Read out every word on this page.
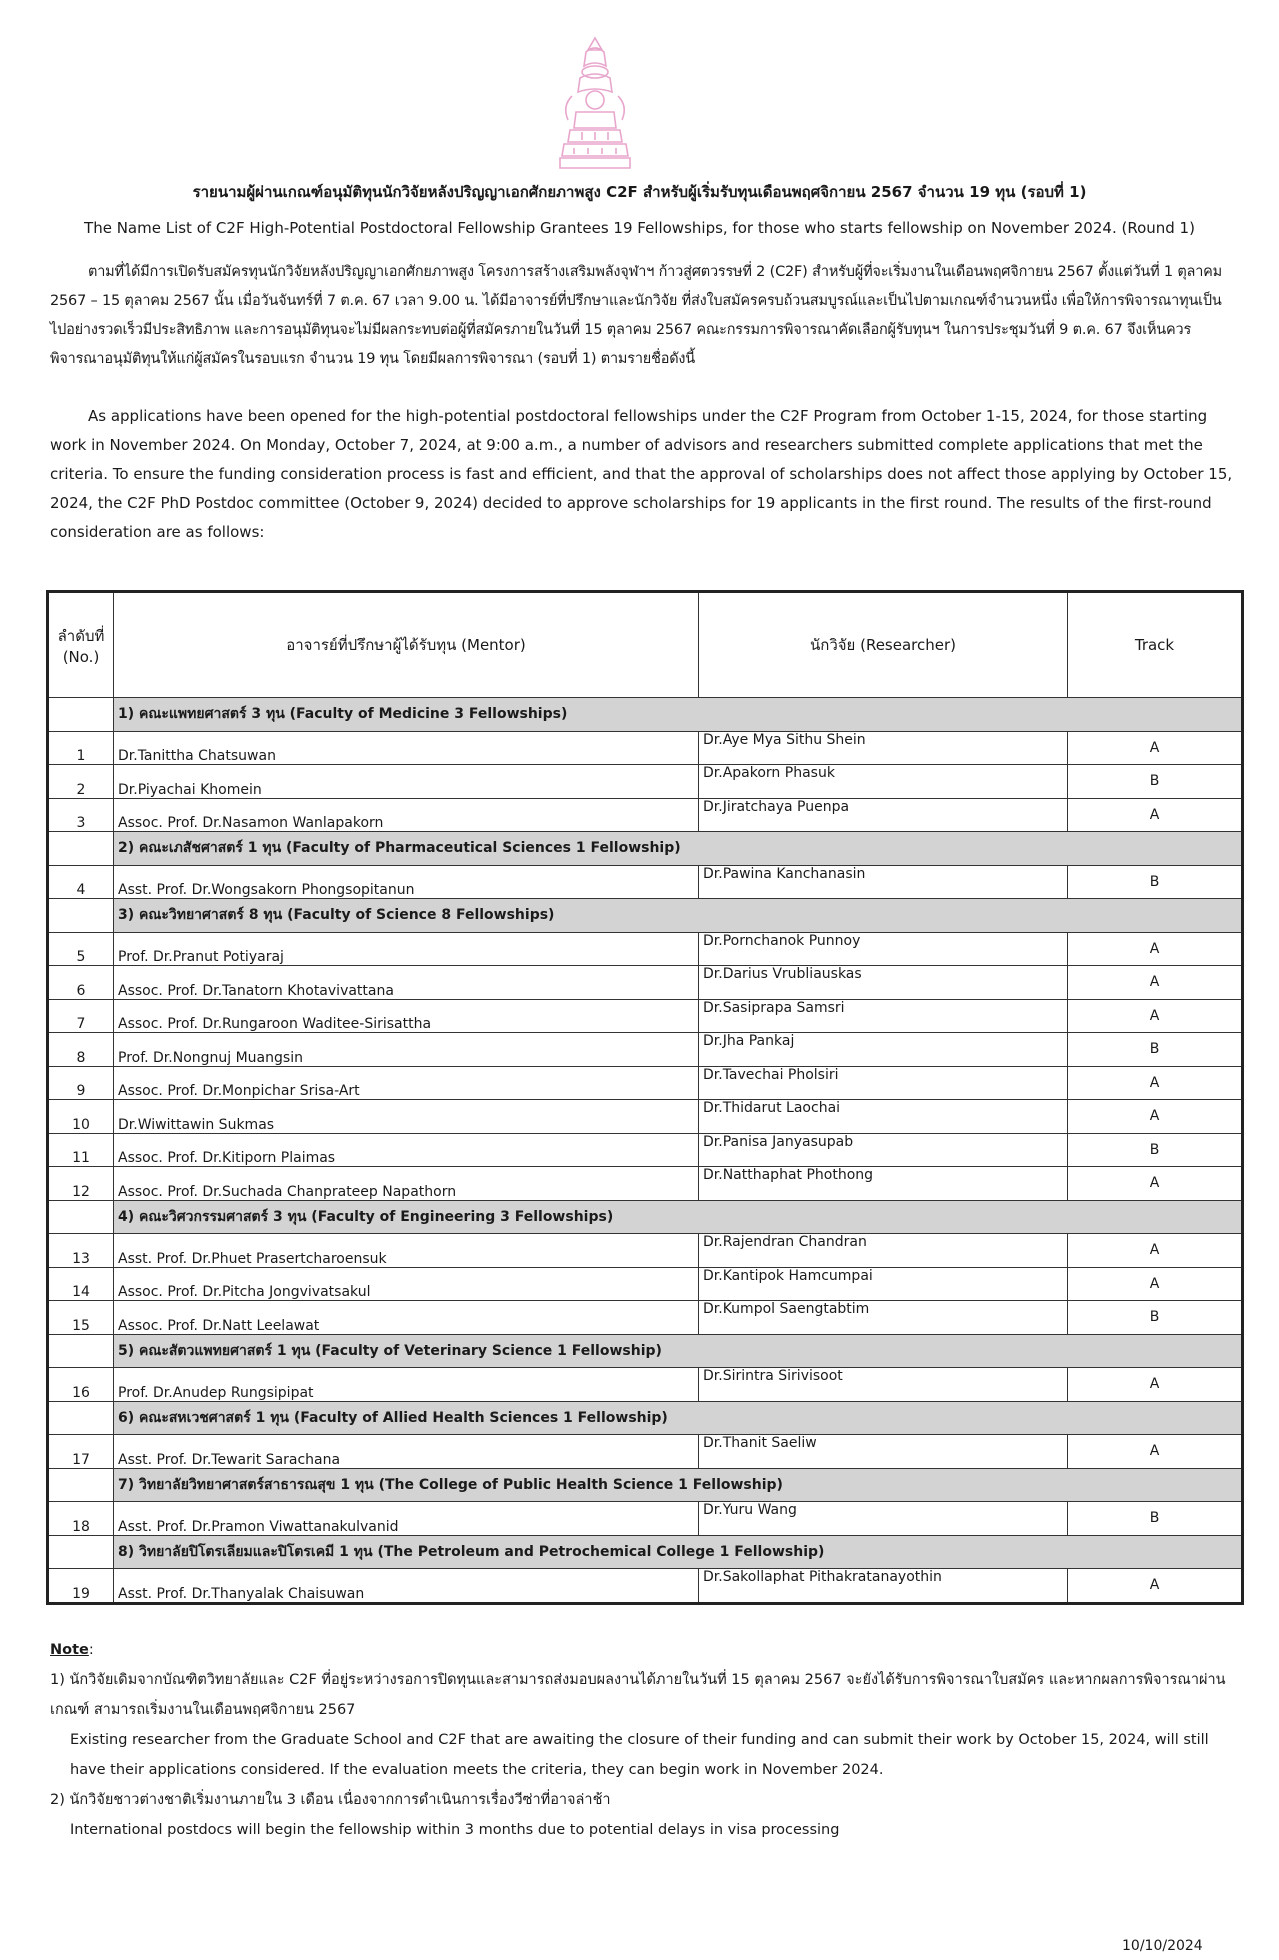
รายนามผู้ผ่านเกณฑ์อนุมัติทุนนักวิจัยหลังปริญญาเอกศักยภาพสูง C2F สำหรับผู้เริ่มรับทุนเดือนพฤศจิกายน 2567 จำนวน 19 ทุน (รอบที่ 1)
The Name List of C2F High-Potential Postdoctoral Fellowship Grantees 19 Fellowships, for those who starts fellowship on November 2024. (Round 1)
ตามที่ได้มีการเปิดรับสมัครทุนนักวิจัยหลังปริญญาเอกศักยภาพสูง โครงการสร้างเสริมพลังจุฬาฯ ก้าวสู่ศตวรรษที่ 2 (C2F) สำหรับผู้ที่จะเริ่มงานในเดือนพฤศจิกายน 2567 ตั้งแต่วันที่ 1 ตุลาคม 2567 – 15 ตุลาคม 2567 นั้น เมื่อวันจันทร์ที่ 7 ต.ค. 67 เวลา 9.00 น. ได้มีอาจารย์ที่ปรึกษาและนักวิจัย ที่ส่งใบสมัครครบถ้วนสมบูรณ์และเป็นไปตามเกณฑ์จำนวนหนึ่ง เพื่อให้การพิจารณาทุนเป็นไปอย่างรวดเร็วมีประสิทธิภาพ และการอนุมัติทุนจะไม่มีผลกระทบต่อผู้ที่สมัครภายในวันที่ 15 ตุลาคม 2567 คณะกรรมการพิจารณาคัดเลือกผู้รับทุนฯ ในการประชุมวันที่ 9 ต.ค. 67 จึงเห็นควรพิจารณาอนุมัติทุนให้แก่ผู้สมัครในรอบแรก จำนวน 19 ทุน โดยมีผลการพิจารณา (รอบที่ 1) ตามรายชื่อดังนี้
As applications have been opened for the high-potential postdoctoral fellowships under the C2F Program from October 1-15, 2024, for those starting work in November 2024. On Monday, October 7, 2024, at 9:00 a.m., a number of advisors and researchers submitted complete applications that met the criteria. To ensure the funding consideration process is fast and efficient, and that the approval of scholarships does not affect those applying by October 15, 2024, the C2F PhD Postdoc committee (October 9, 2024) decided to approve scholarships for 19 applicants in the first round. The results of the first-round consideration are as follows:
ลำดับที่
(No.)	อาจารย์ที่ปรึกษาผู้ได้รับทุน (Mentor)	นักวิจัย (Researcher)	Track
	1) คณะแพทยศาสตร์ 3 ทุน (Faculty of Medicine 3 Fellowships)		
1	Dr.Tanittha Chatsuwan	Dr.Aye Mya Sithu Shein	A
2	Dr.Piyachai Khomein	Dr.Apakorn Phasuk	B
3	Assoc. Prof. Dr.Nasamon Wanlapakorn	Dr.Jiratchaya Puenpa	A
	2) คณะเภสัชศาสตร์ 1 ทุน (Faculty of Pharmaceutical Sciences 1 Fellowship)		
4	Asst. Prof. Dr.Wongsakorn Phongsopitanun	Dr.Pawina Kanchanasin	B
	3) คณะวิทยาศาสตร์ 8 ทุน (Faculty of Science 8 Fellowships)		
5	Prof. Dr.Pranut Potiyaraj	Dr.Pornchanok Punnoy	A
6	Assoc. Prof. Dr.Tanatorn Khotavivattana	Dr.Darius Vrubliauskas	A
7	Assoc. Prof. Dr.Rungaroon Waditee-Sirisattha	Dr.Sasiprapa Samsri	A
8	Prof. Dr.Nongnuj Muangsin	Dr.Jha Pankaj	B
9	Assoc. Prof. Dr.Monpichar Srisa-Art	Dr.Tavechai Pholsiri	A
10	Dr.Wiwittawin Sukmas	Dr.Thidarut Laochai	A
11	Assoc. Prof. Dr.Kitiporn Plaimas	Dr.Panisa Janyasupab	B
12	Assoc. Prof. Dr.Suchada Chanprateep Napathorn	Dr.Natthaphat Phothong	A
	4) คณะวิศวกรรมศาสตร์ 3 ทุน (Faculty of Engineering 3 Fellowships)		
13	Asst. Prof. Dr.Phuet Prasertcharoensuk	Dr.Rajendran Chandran	A
14	Assoc. Prof. Dr.Pitcha Jongvivatsakul	Dr.Kantipok Hamcumpai	A
15	Assoc. Prof. Dr.Natt Leelawat	Dr.Kumpol Saengtabtim	B
	5) คณะสัตวแพทยศาสตร์ 1 ทุน (Faculty of Veterinary Science 1 Fellowship)		
16	Prof. Dr.Anudep Rungsipipat	Dr.Sirintra Sirivisoot	A
	6) คณะสหเวชศาสตร์ 1 ทุน (Faculty of Allied Health Sciences 1 Fellowship)		
17	Asst. Prof. Dr.Tewarit Sarachana	Dr.Thanit Saeliw	A
	7) วิทยาลัยวิทยาศาสตร์สาธารณสุข 1 ทุน (The College of Public Health Science 1 Fellowship)		
18	Asst. Prof. Dr.Pramon Viwattanakulvanid	Dr.Yuru Wang	B
	8) วิทยาลัยปิโตรเลียมและปิโตรเคมี 1 ทุน (The Petroleum and Petrochemical College 1 Fellowship)		
19	Asst. Prof. Dr.Thanyalak Chaisuwan	Dr.Sakollaphat Pithakratanayothin	A
Note:
1) นักวิจัยเดิมจากบัณฑิตวิทยาลัยและ C2F ที่อยู่ระหว่างรอการปิดทุนและสามารถส่งมอบผลงานได้ภายในวันที่ 15 ตุลาคม 2567 จะยังได้รับการพิจารณาใบสมัคร และหากผลการพิจารณาผ่านเกณฑ์ สามารถเริ่มงานในเดือนพฤศจิกายน 2567
Existing researcher from the Graduate School and C2F that are awaiting the closure of their funding and can submit their work by October 15, 2024, will still have their applications considered. If the evaluation meets the criteria, they can begin work in November 2024.
2) นักวิจัยชาวต่างชาติเริ่มงานภายใน 3 เดือน เนื่องจากการดำเนินการเรื่องวีซ่าที่อาจล่าช้า
International postdocs will begin the fellowship within 3 months due to potential delays in visa processing
10/10/2024
